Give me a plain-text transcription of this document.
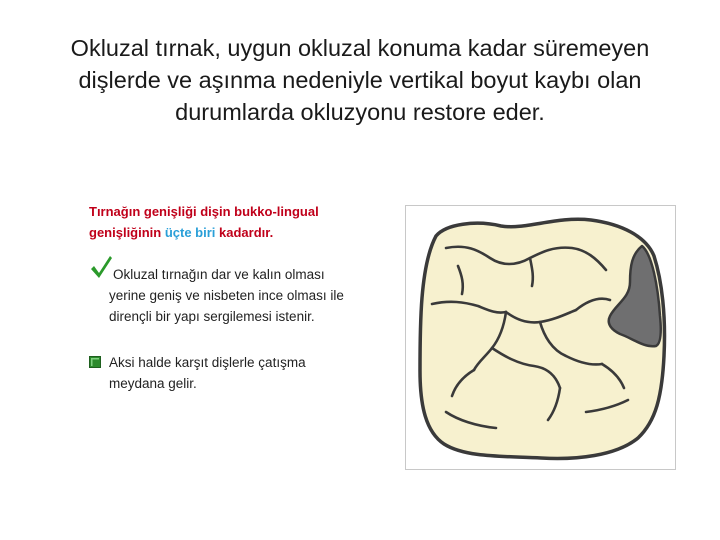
Okluzal tırnak, uygun okluzal konuma kadar süremeyen
dişlerde ve aşınma nedeniyle vertikal boyut kaybı olan
durumlarda okluzyonu restore eder.
Tırnağın genişliği dişin bukko-lingual
genişliğinin üçte biri kadardır.
Okluzal tırnağın dar ve kalın olması
yerine geniş ve nisbeten ince olması ile
dirençli bir yapı sergilemesi istenir.
Aksi halde karşıt dişlerle çatışma
meydana gelir.
